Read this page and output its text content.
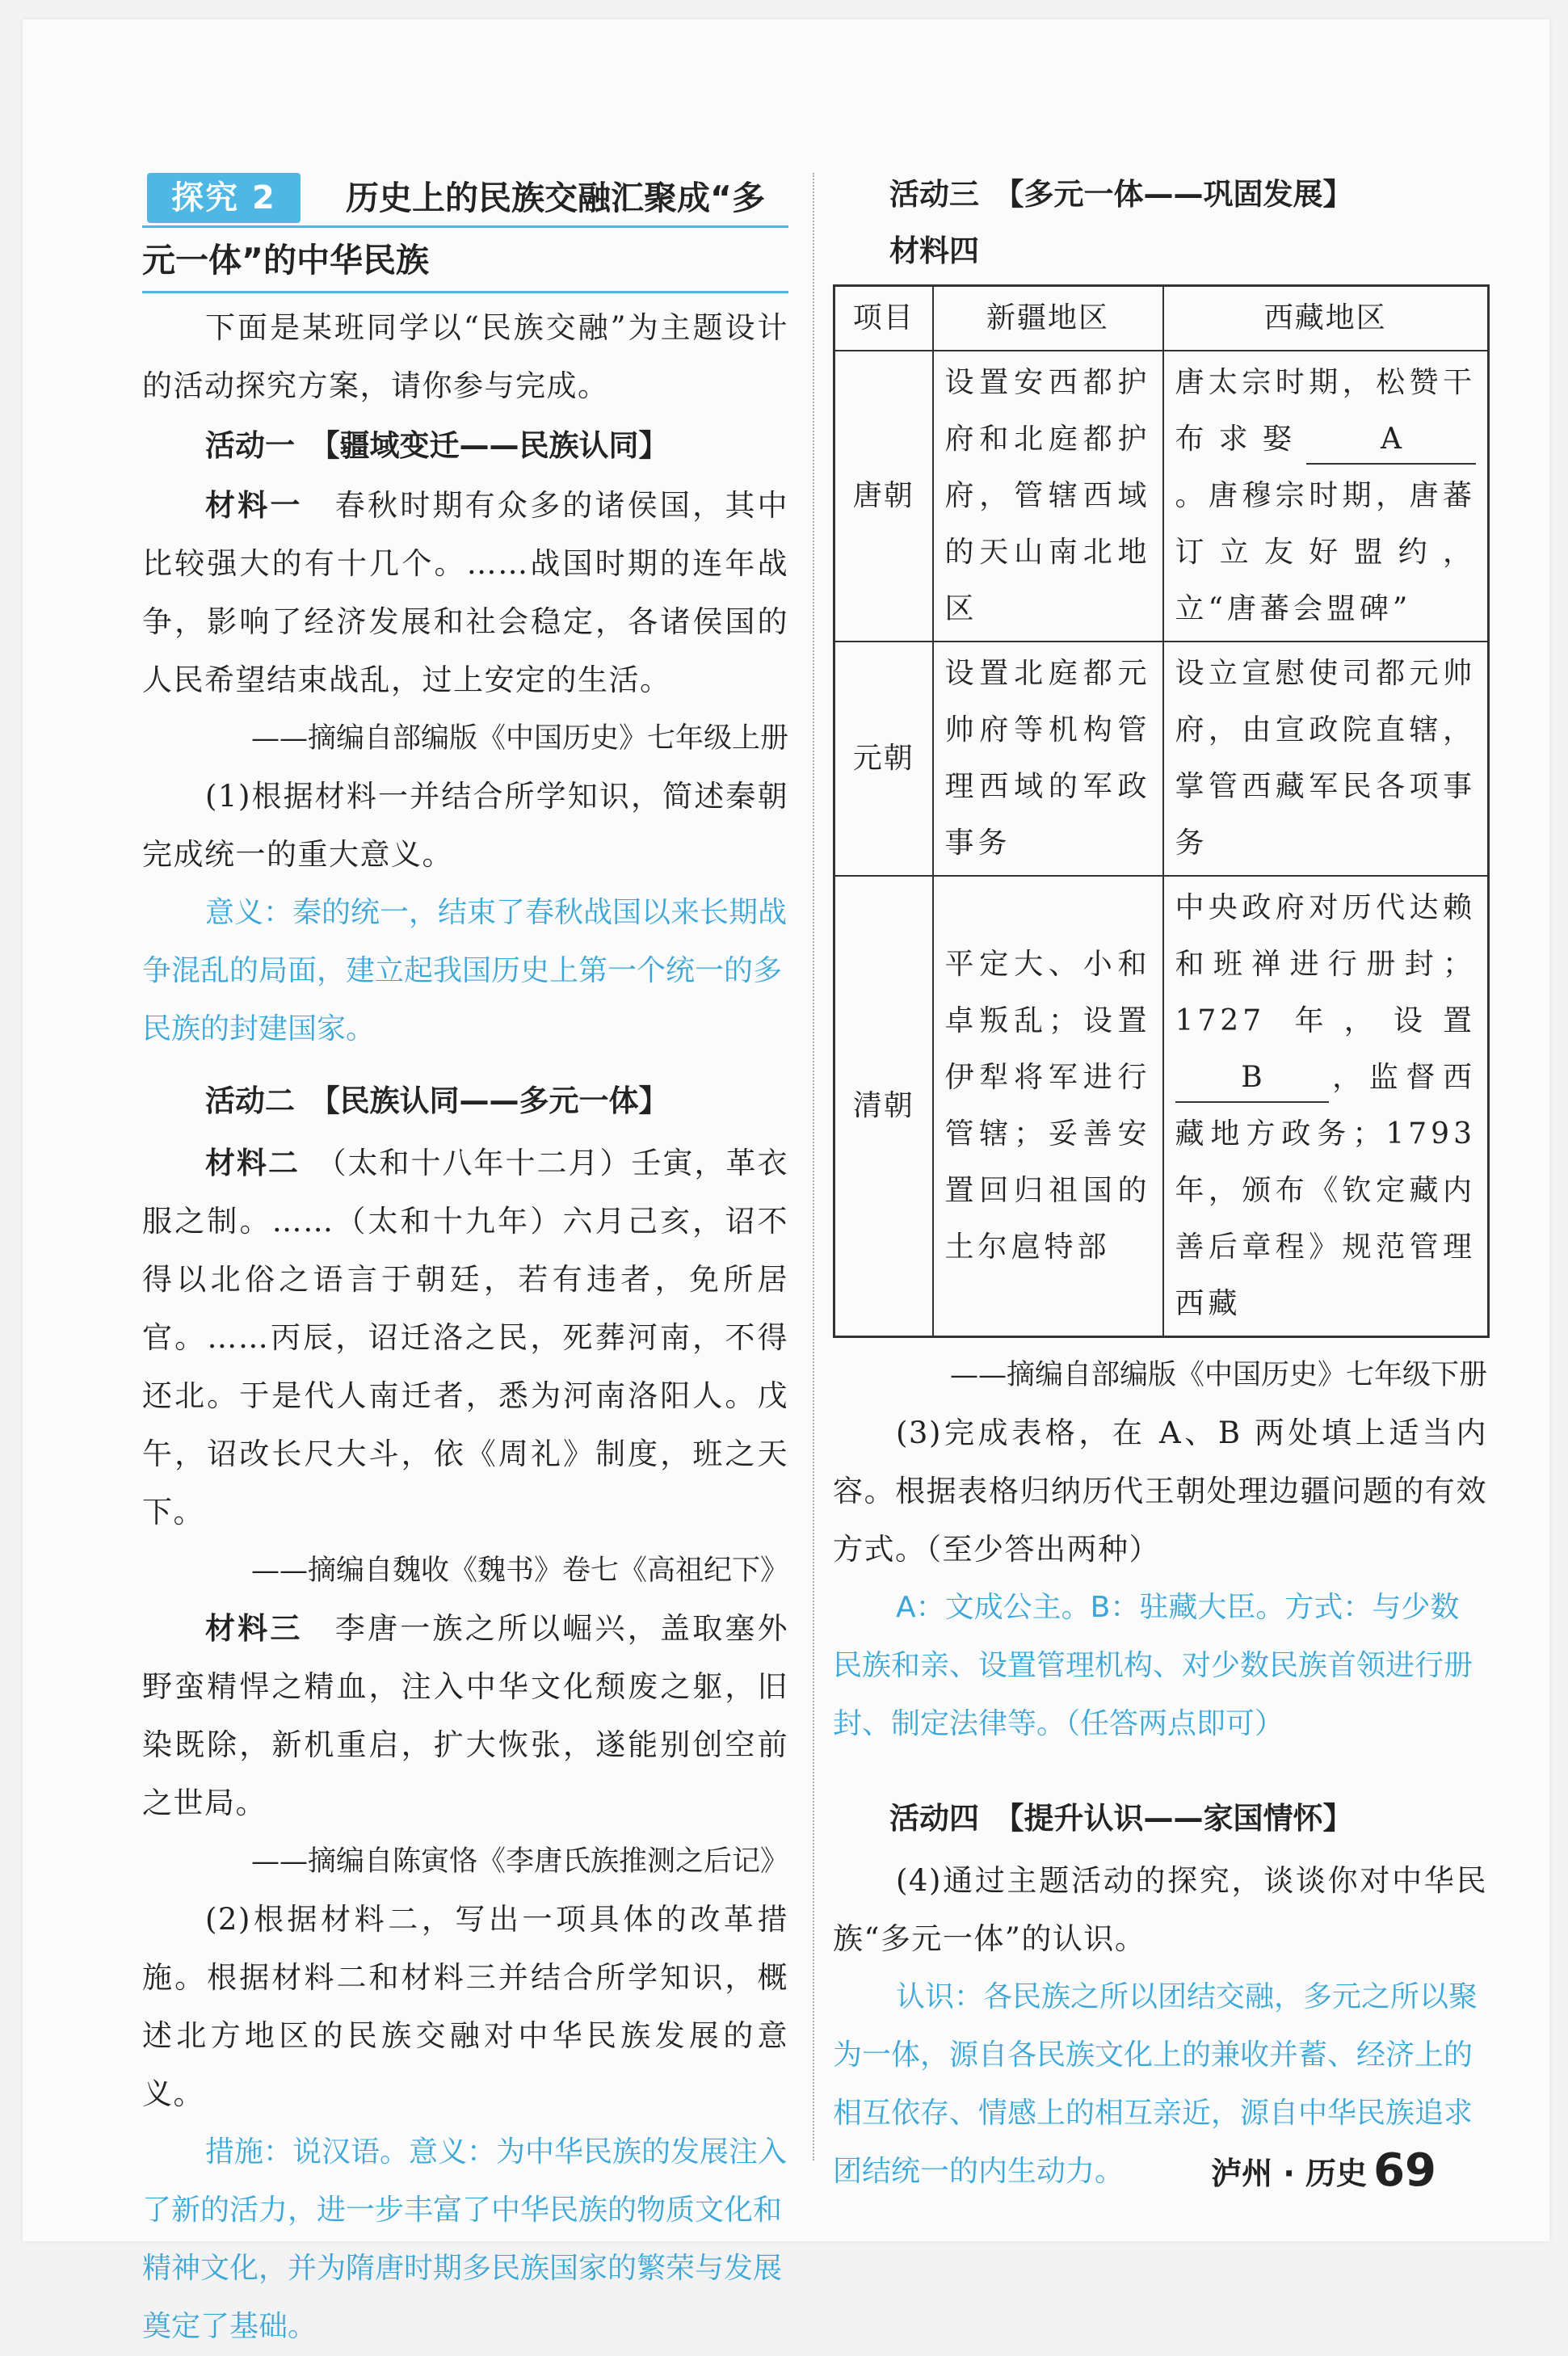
探究 2	历史上的民族交融汇聚成“多
元一体”的中华民族

下面是某班同学以“民族交融”为主题设计的活动探究方案，请你参与完成。

活动一　【疆域变迁——民族认同】

材料一　 春秋时期有众多的诸侯国，其中比较强大的有十几个。……战国时期的连年战争，影响了经济发展和社会稳定，各诸侯国的人民希望结束战乱，过上安定的生活。

——摘编自部编版《中国历史》七年级上册

(1)根据材料一并结合所学知识，简述秦朝完成统一的重大意义。

意义：秦的统一，结束了春秋战国以来长期战争混乱的局面，建立起我国历史上第一个统一的多民族的封建国家。

活动二　【民族认同——多元一体】

材料二　 （太和十八年十二月）壬寅，革衣服之制。……（太和十九年）六月己亥，诏不得以北俗之语言于朝廷，若有违者，免所居官。……丙辰，诏迁洛之民，死葬河南，不得还北。于是代人南迁者，悉为河南洛阳人。戊午，诏改长尺大斗，依《周礼》制度，班之天下。

——摘编自魏收《魏书》卷七《高祖纪下》

材料三　 李唐一族之所以崛兴，盖取塞外野蛮精悍之精血，注入中华文化颓废之躯，旧染既除，新机重启，扩大恢张，遂能别创空前之世局。

——摘编自陈寅恪《李唐氏族推测之后记》

(2)根据材料二，写出一项具体的改革措施。根据材料二和材料三并结合所学知识，概述北方地区的民族交融对中华民族发展的意义。

措施：说汉语。意义：为中华民族的发展注入了新的活力，进一步丰富了中华民族的物质文化和精神文化，并为隋唐时期多民族国家的繁荣与发展奠定了基础。

活动三　【多元一体——巩固发展】

材料四

项目	新疆地区	西藏地区
唐朝	设置安西都护府和北庭都护府，管辖西域的天山南北地区	唐太宗时期，松赞干布求娶 A。唐穆宗时期，唐蕃订立友好盟约，立“唐蕃会盟碑”
元朝	设置北庭都元帅府等机构管理西域的军政事务	设立宣慰使司都元帅府，由宣政院直辖，掌管西藏军民各项事务
清朝	平定大、小和卓叛乱；设置伊犁将军进行管辖；妥善安置回归祖国的土尔扈特部	中央政府对历代达赖和班禅进行册封；1727 年，设置B ，监督西藏地方政务；1793 年，颁布《钦定藏内善后章程》规范管理西藏

——摘编自部编版《中国历史》七年级下册

(3)完成表格，在 A、B 两处填上适当内容。根据表格归纳历代王朝处理边疆问题的有效方式。（至少答出两种）

A：文成公主。B：驻藏大臣。方式：与少数民族和亲、设置管理机构、对少数民族首领进行册封、制定法律等。（任答两点即可）

活动四　【提升认识——家国情怀】

(4)通过主题活动的探究，谈谈你对中华民族“多元一体”的认识。

认识：各民族之所以团结交融，多元之所以聚为一体，源自各民族文化上的兼收并蓄、经济上的相互依存、情感上的相互亲近，源自中华民族追求团结统一的内生动力。	泸州 · 历史 69
